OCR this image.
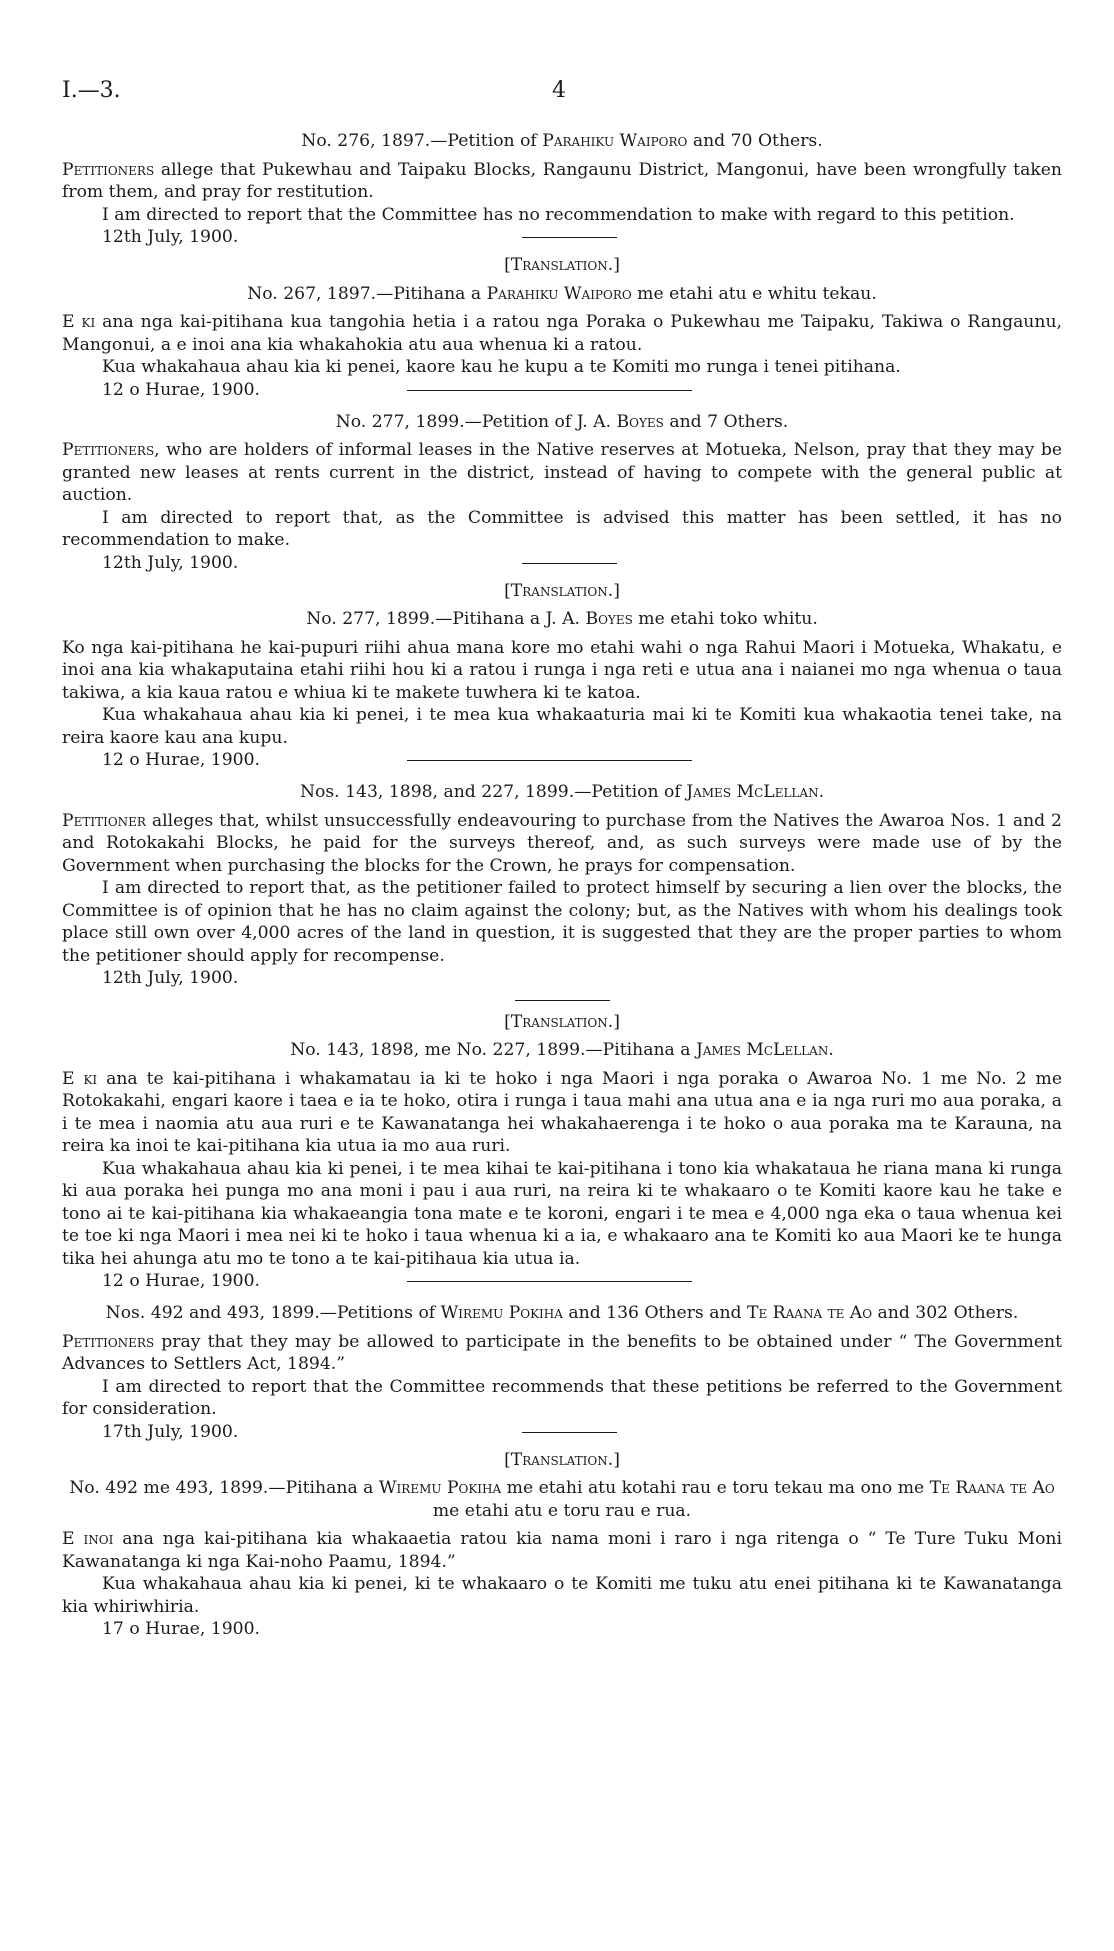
I.—3.	4

No. 276, 1897.—Petition of Parahiku Waiporo and 70 Others.

Petitioners allege that Pukewhau and Taipaku Blocks, Rangaunu District, Mangonui, have been wrongfully taken from them, and pray for restitution.

I am directed to report that the Committee has no recommendation to make with regard to this petition.

12th July, 1900.

[Translation.]

No. 267, 1897.—Pitihana a Parahiku Waiporo me etahi atu e whitu tekau.

E ki ana nga kai-pitihana kua tangohia hetia i a ratou nga Poraka o Pukewhau me Taipaku, Takiwa o Rangaunu, Mangonui, a e inoi ana kia whakahokia atu aua whenua ki a ratou.

Kua whakahaua ahau kia ki penei, kaore kau he kupu a te Komiti mo runga i tenei pitihana.

12 o Hurae, 1900.

No. 277, 1899.—Petition of J. A. Boyes and 7 Others.

Petitioners, who are holders of informal leases in the Native reserves at Motueka, Nelson, pray that they may be granted new leases at rents current in the district, instead of having to compete with the general public at auction.

I am directed to report that, as the Committee is advised this matter has been settled, it has no recommendation to make.

12th July, 1900.

[Translation.]

No. 277, 1899.—Pitihana a J. A. Boyes me etahi toko whitu.

Ko nga kai-pitihana he kai-pupuri riihi ahua mana kore mo etahi wahi o nga Rahui Maori i Motueka, Whakatu, e inoi ana kia whakaputaina etahi riihi hou ki a ratou i runga i nga reti e utua ana i naianei mo nga whenua o taua takiwa, a kia kaua ratou e whiua ki te makete tuwhera ki te katoa.

Kua whakahaua ahau kia ki penei, i te mea kua whakaaturia mai ki te Komiti kua whakaotia tenei take, na reira kaore kau ana kupu.

12 o Hurae, 1900.

Nos. 143, 1898, and 227, 1899.—Petition of James McLellan.

Petitioner alleges that, whilst unsuccessfully endeavouring to purchase from the Natives the Awaroa Nos. 1 and 2 and Rotokakahi Blocks, he paid for the surveys thereof, and, as such surveys were made use of by the Government when purchasing the blocks for the Crown, he prays for compensation.

I am directed to report that, as the petitioner failed to protect himself by securing a lien over the blocks, the Committee is of opinion that he has no claim against the colony; but, as the Natives with whom his dealings took place still own over 4,000 acres of the land in question, it is suggested that they are the proper parties to whom the petitioner should apply for recompense.

12th July, 1900.

[Translation.]

No. 143, 1898, me No. 227, 1899.—Pitihana a James McLellan.

E ki ana te kai-pitihana i whakamatau ia ki te hoko i nga Maori i nga poraka o Awaroa No. 1 me No. 2 me Rotokakahi, engari kaore i taea e ia te hoko, otira i runga i taua mahi ana utua ana e ia nga ruri mo aua poraka, a i te mea i naomia atu aua ruri e te Kawanatanga hei whakahaerenga i te hoko o aua poraka ma te Karauna, na reira ka inoi te kai-pitihana kia utua ia mo aua ruri.

Kua whakahaua ahau kia ki penei, i te mea kihai te kai-pitihana i tono kia whakataua he riana mana ki runga ki aua poraka hei punga mo ana moni i pau i aua ruri, na reira ki te whakaaro o te Komiti kaore kau he take e tono ai te kai-pitihana kia whakaeangia tona mate e te koroni, engari i te mea e 4,000 nga eka o taua whenua kei te toe ki nga Maori i mea nei ki te hoko i taua whenua ki a ia, e whakaaro ana te Komiti ko aua Maori ke te hunga tika hei ahunga atu mo te tono a te kai-pitihaua kia utua ia.

12 o Hurae, 1900.

Nos. 492 and 493, 1899.—Petitions of Wiremu Pokiha and 136 Others and Te Raana te Ao and 302 Others.

Petitioners pray that they may be allowed to participate in the benefits to be obtained under “ The Government Advances to Settlers Act, 1894.”

I am directed to report that the Committee recommends that these petitions be referred to the Government for consideration.

17th July, 1900.

[Translation.]

No. 492 me 493, 1899.—Pitihana a Wiremu Pokiha me etahi atu kotahi rau e toru tekau ma ono me Te Raana te Ao me etahi atu e toru rau e rua.

E inoi ana nga kai-pitihana kia whakaaetia ratou kia nama moni i raro i nga ritenga o “ Te Ture Tuku Moni Kawanatanga ki nga Kai-noho Paamu, 1894.”

Kua whakahaua ahau kia ki penei, ki te whakaaro o te Komiti me tuku atu enei pitihana ki te Kawanatanga kia whiriwhiria.

17 o Hurae, 1900.
